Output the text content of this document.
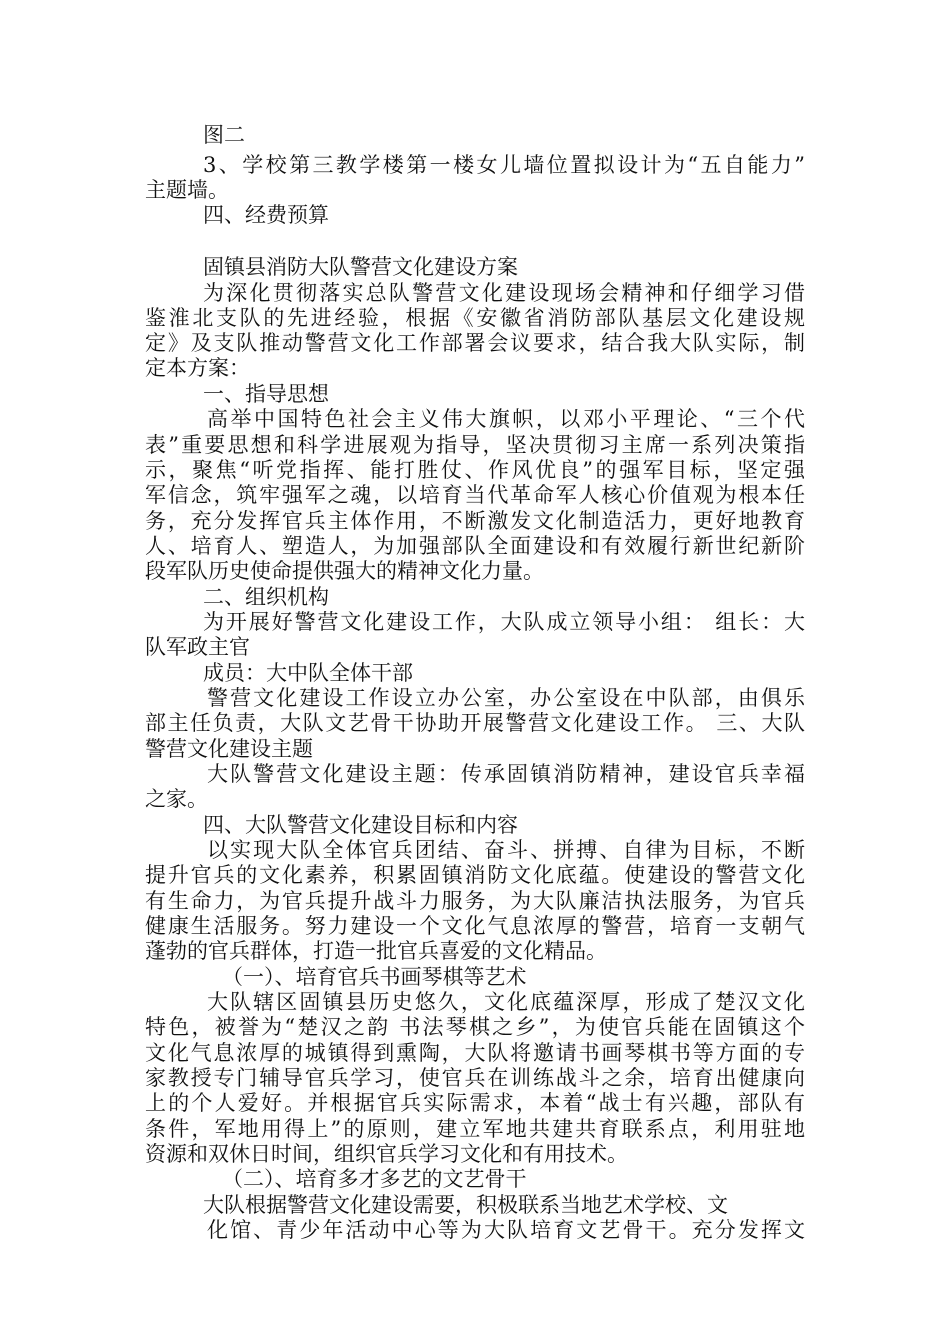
图二
3、学校第三教学楼第一楼女儿墙位置拟设计为“五自能力”
主题墙。
四、经费预算
固镇县消防大队警营文化建设方案
为深化贯彻落实总队警营文化建设现场会精神和仔细学习借
鉴淮北支队的先进经验，根据《安徽省消防部队基层文化建设规
定》及支队推动警营文化工作部署会议要求，结合我大队实际，制
定本方案：
一、指导思想
高举中国特色社会主义伟大旗帜，以邓小平理论、“三个代
表”重要思想和科学进展观为指导，坚决贯彻习主席一系列决策指
示，聚焦“听党指挥、能打胜仗、作风优良”的强军目标，坚定强
军信念，筑牢强军之魂，以培育当代革命军人核心价值观为根本任
务，充分发挥官兵主体作用，不断激发文化制造活力，更好地教育
人、培育人、塑造人，为加强部队全面建设和有效履行新世纪新阶
段军队历史使命提供强大的精神文化力量。
二、组织机构
为开展好警营文化建设工作，大队成立领导小组： 组长：大
队军政主官
成员：大中队全体干部
警营文化建设工作设立办公室，办公室设在中队部，由俱乐
部主任负责，大队文艺骨干协助开展警营文化建设工作。 三、大队
警营文化建设主题
大队警营文化建设主题：传承固镇消防精神，建设官兵幸福
之家。
四、大队警营文化建设目标和内容
以实现大队全体官兵团结、奋斗、拼搏、自律为目标，不断
提升官兵的文化素养，积累固镇消防文化底蕴。使建设的警营文化
有生命力，为官兵提升战斗力服务，为大队廉洁执法服务，为官兵
健康生活服务。努力建设一个文化气息浓厚的警营，培育一支朝气
蓬勃的官兵群体，打造一批官兵喜爱的文化精品。
（一）、培育官兵书画琴棋等艺术
大队辖区固镇县历史悠久，文化底蕴深厚，形成了楚汉文化
特色，被誉为“楚汉之韵 书法琴棋之乡”，为使官兵能在固镇这个
文化气息浓厚的城镇得到熏陶，大队将邀请书画琴棋书等方面的专
家教授专门辅导官兵学习，使官兵在训练战斗之余，培育出健康向
上的个人爱好。并根据官兵实际需求，本着“战士有兴趣，部队有
条件，军地用得上”的原则，建立军地共建共育联系点，利用驻地
资源和双休日时间，组织官兵学习文化和有用技术。
（二）、培育多才多艺的文艺骨干
大队根据警营文化建设需要，积极联系当地艺术学校、文
化馆、青少年活动中心等为大队培育文艺骨干。充分发挥文
